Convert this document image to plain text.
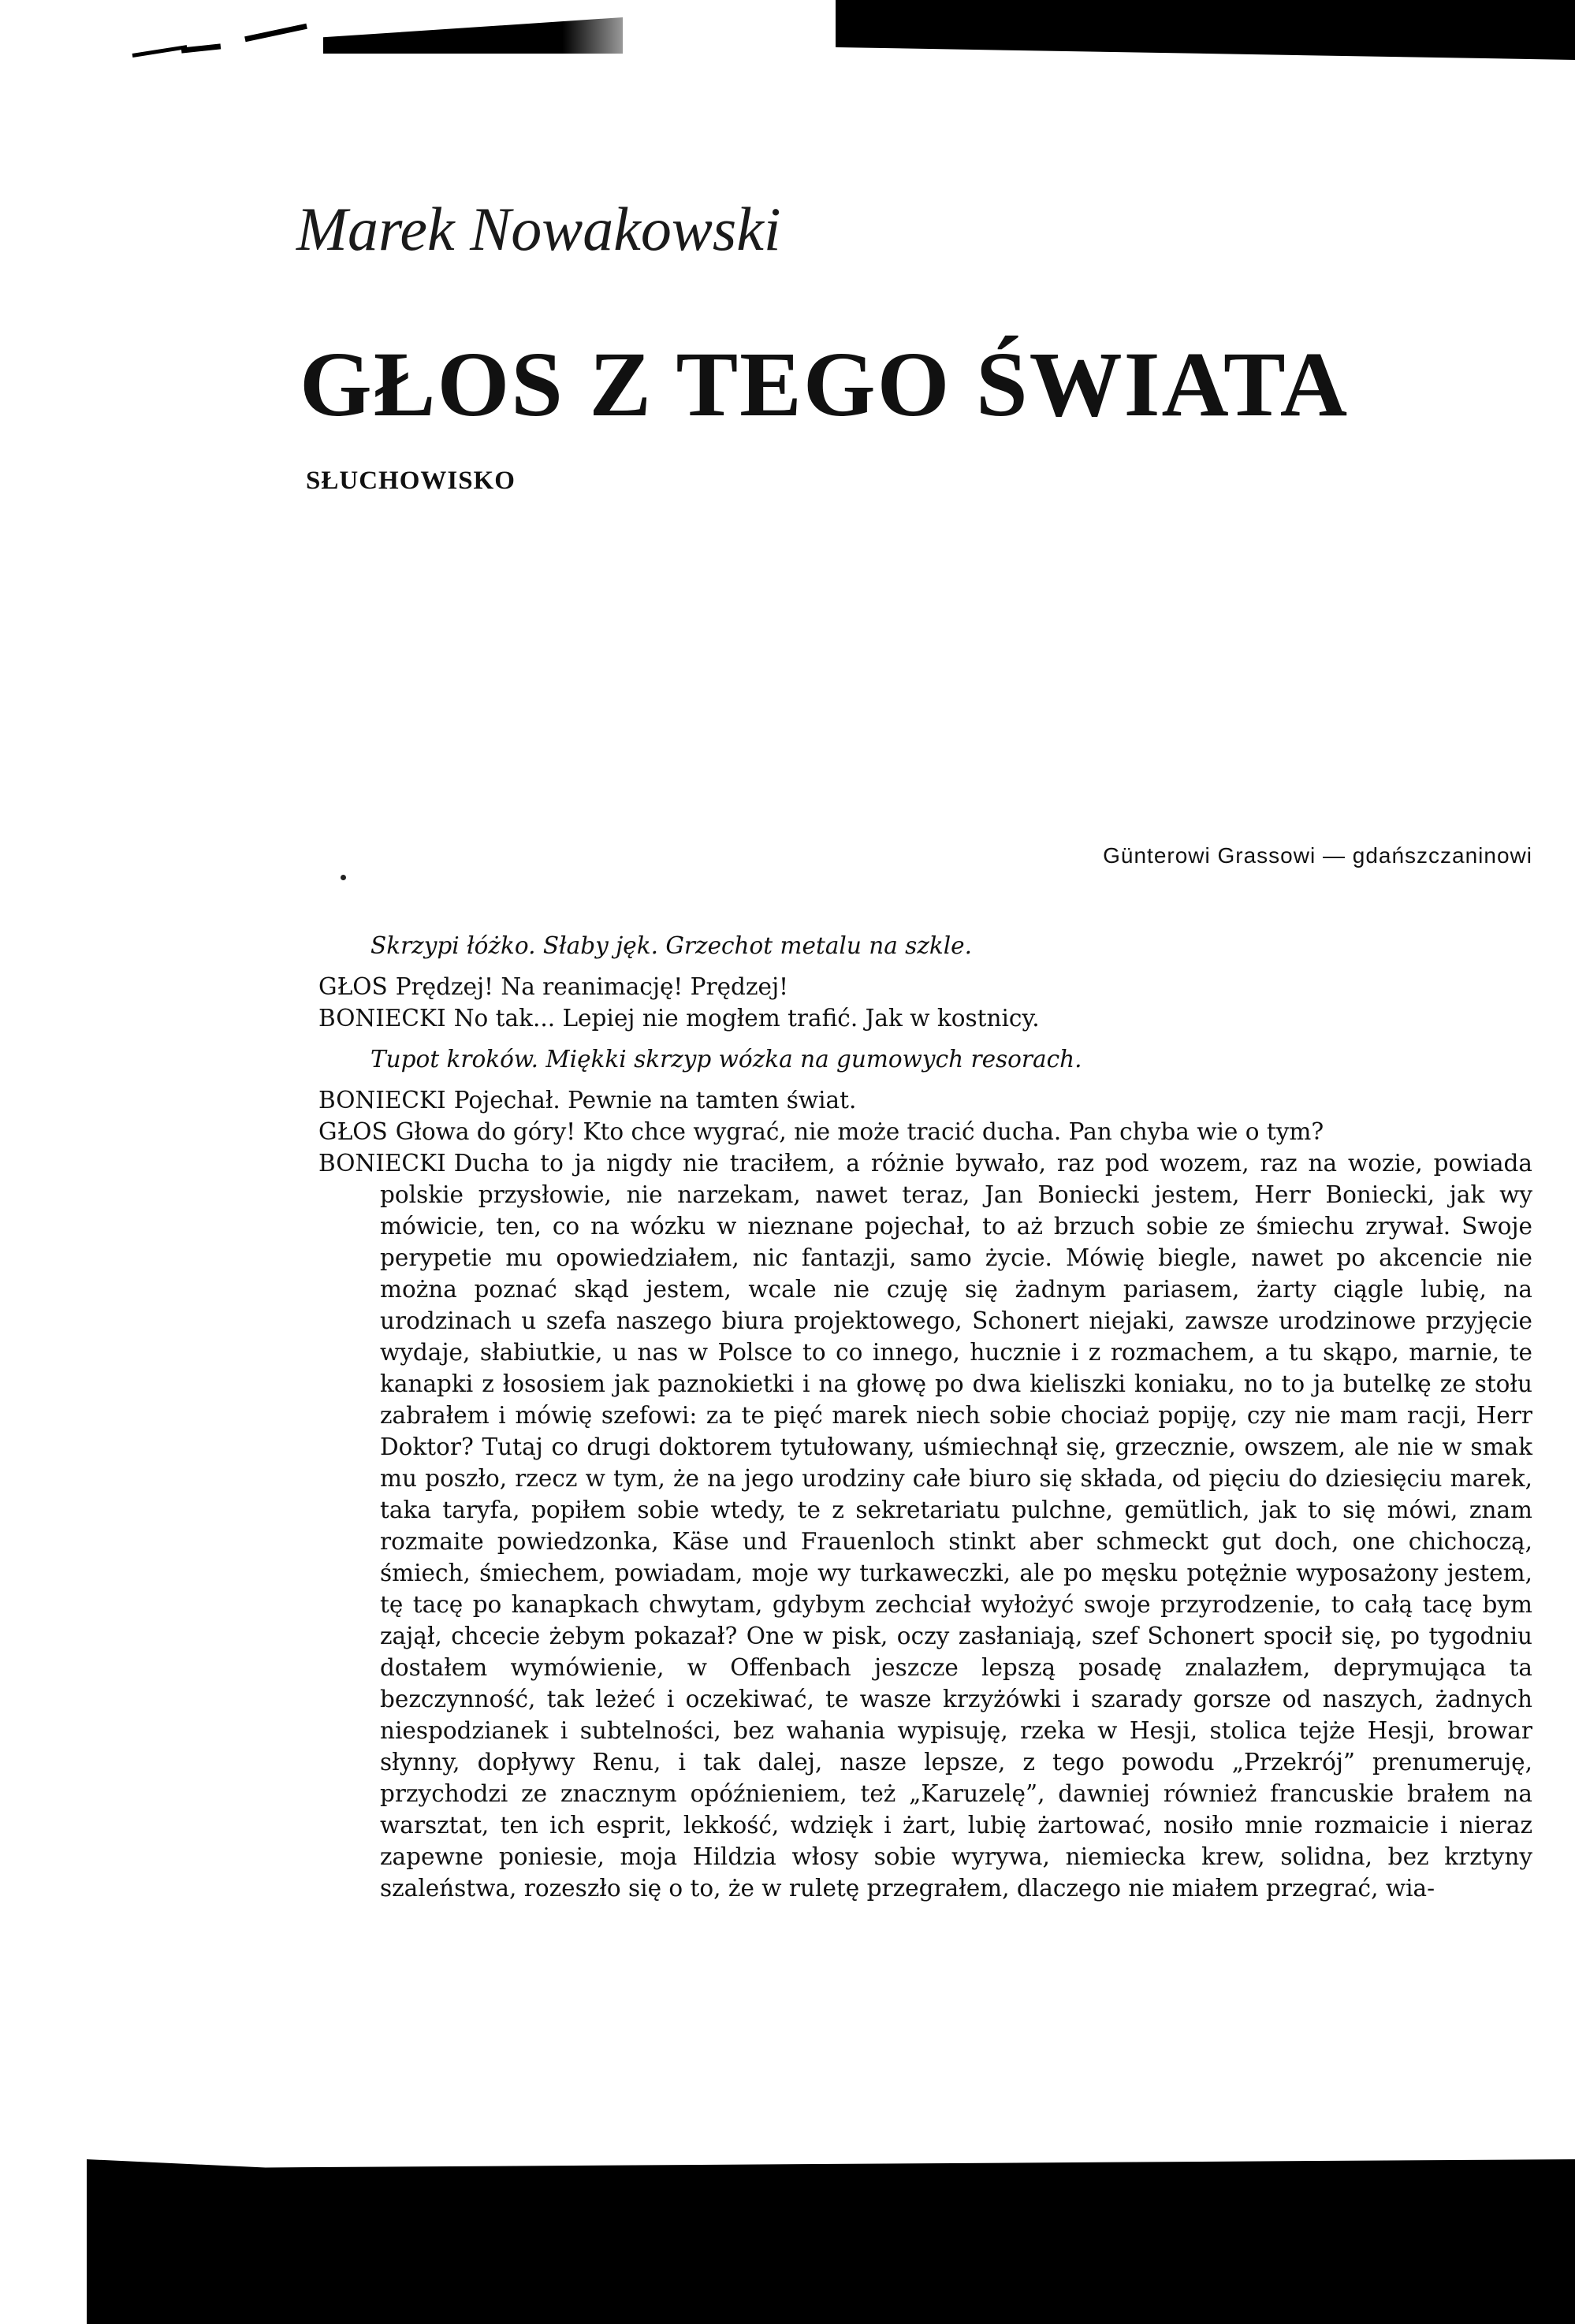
Marek Nowakowski
GŁOS Z TEGO ŚWIATA
SŁUCHOWISKO
Günterowi Grassowi — gdańszczaninowi

Skrzypi łóżko. Słaby jęk. Grzechot metalu na szkle.

GŁOS Prędzej! Na reanimację! Prędzej!

BONIECKI No tak... Lepiej nie mogłem trafić. Jak w kostnicy.

Tupot kroków. Miękki skrzyp wózka na gumowych resorach.

BONIECKI Pojechał. Pewnie na tamten świat.

GŁOS Głowa do góry! Kto chce wygrać, nie może tracić ducha. Pan chyba wie o tym?

BONIECKI Ducha to ja nigdy nie traciłem, a różnie bywało, raz pod wozem, raz na wozie, powiada polskie przysłowie, nie narzekam, nawet teraz, Jan Boniecki jestem, Herr Boniecki, jak wy mówicie, ten, co na wózku w nieznane pojechał, to aż brzuch sobie ze śmiechu zrywał. Swoje perypetie mu opowiedziałem, nic fantazji, samo życie. Mówię biegle, nawet po akcencie nie można poznać skąd jestem, wcale nie czuję się żadnym pariasem, żarty ciągle lubię, na urodzinach u szefa naszego biura projektowego, Schonert niejaki, zawsze urodzinowe przyjęcie wydaje, słabiutkie, u nas w Polsce to co innego, hucznie i z rozmachem, a tu skąpo, marnie, te kanapki z łososiem jak paznokietki i na głowę po dwa kieliszki koniaku, no to ja butelkę ze stołu zabrałem i mówię szefowi: za te pięć marek niech sobie chociaż popiję, czy nie mam racji, Herr Doktor? Tutaj co drugi doktorem tytułowany, uśmiechnął się, grzecznie, owszem, ale nie w smak mu poszło, rzecz w tym, że na jego urodziny całe biuro się składa, od pięciu do dziesięciu marek, taka taryfa, popiłem sobie wtedy, te z sekretariatu pulchne, gemütlich, jak to się mówi, znam rozmaite powiedzonka, Käse und Frauenloch stinkt aber schmeckt gut doch, one chichoczą, śmiech, śmiechem, powiadam, moje wy turkaweczki, ale po męsku potężnie wyposażony jestem, tę tacę po kanapkach chwytam, gdybym zechciał wyłożyć swoje przyrodzenie, to całą tacę bym zajął, chcecie żebym pokazał? One w pisk, oczy zasłaniają, szef Schonert spocił się, po tygodniu dostałem wymówienie, w Offenbach jeszcze lepszą posadę znalazłem, deprymująca ta bezczynność, tak leżeć i oczekiwać, te wasze krzyżówki i szarady gorsze od naszych, żadnych niespodzianek i subtelności, bez wahania wypisuję, rzeka w Hesji, stolica tejże Hesji, browar słynny, dopływy Renu, i tak dalej, nasze lepsze, z tego powodu „Przekrój” prenumeruję, przychodzi ze znacznym opóźnieniem, też „Karuzelę”, dawniej również francuskie brałem na warsztat, ten ich esprit, lekkość, wdzięk i żart, lubię żartować, nosiło mnie rozmaicie i nieraz zapewne poniesie, moja Hildzia włosy sobie wyrywa, niemiecka krew, solidna, bez krztyny szaleństwa, rozeszło się o to, że w ruletę przegrałem, dlaczego nie miałem przegrać, wia-
